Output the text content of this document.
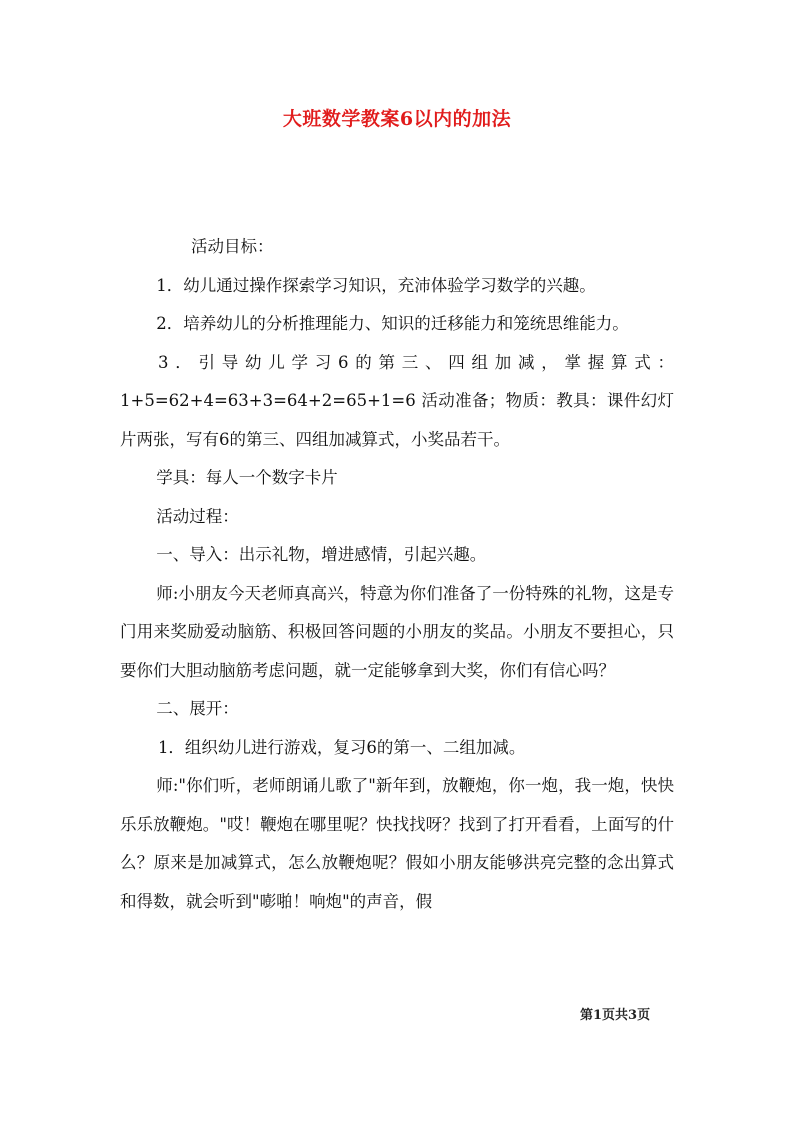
大班数学教案6以内的加法

活动目标：

1．幼儿通过操作探索学习知识，充沛体验学习数学的兴趣。

2．培养幼儿的分析推理能力、知识的迁移能力和笼统思维能力。

3．引导幼儿学习6的第三、四组加减，掌握算式：

1+5=62+4=63+3=64+2=65+1=6 活动准备；物质：教具：课件幻灯片两张，写有6的第三、四组加减算式，小奖品若干。

学具：每人一个数字卡片

活动过程：

一、导入：出示礼物，增进感情，引起兴趣。

师:小朋友今天老师真高兴，特意为你们准备了一份特殊的礼物，这是专门用来奖励爱动脑筋、积极回答问题的小朋友的奖品。小朋友不要担心，只要你们大胆动脑筋考虑问题，就一定能够拿到大奖，你们有信心吗？

二、展开：

1．组织幼儿进行游戏，复习6的第一、二组加减。

师:"你们听，老师朗诵儿歌了"新年到，放鞭炮，你一炮，我一炮，快快乐乐放鞭炮。"哎！鞭炮在哪里呢？快找找呀？找到了打开看看，上面写的什么？原来是加减算式，怎么放鞭炮呢？假如小朋友能够洪亮完整的念出算式和得数，就会听到"嘭啪！响炮"的声音，假

第1页共3页
